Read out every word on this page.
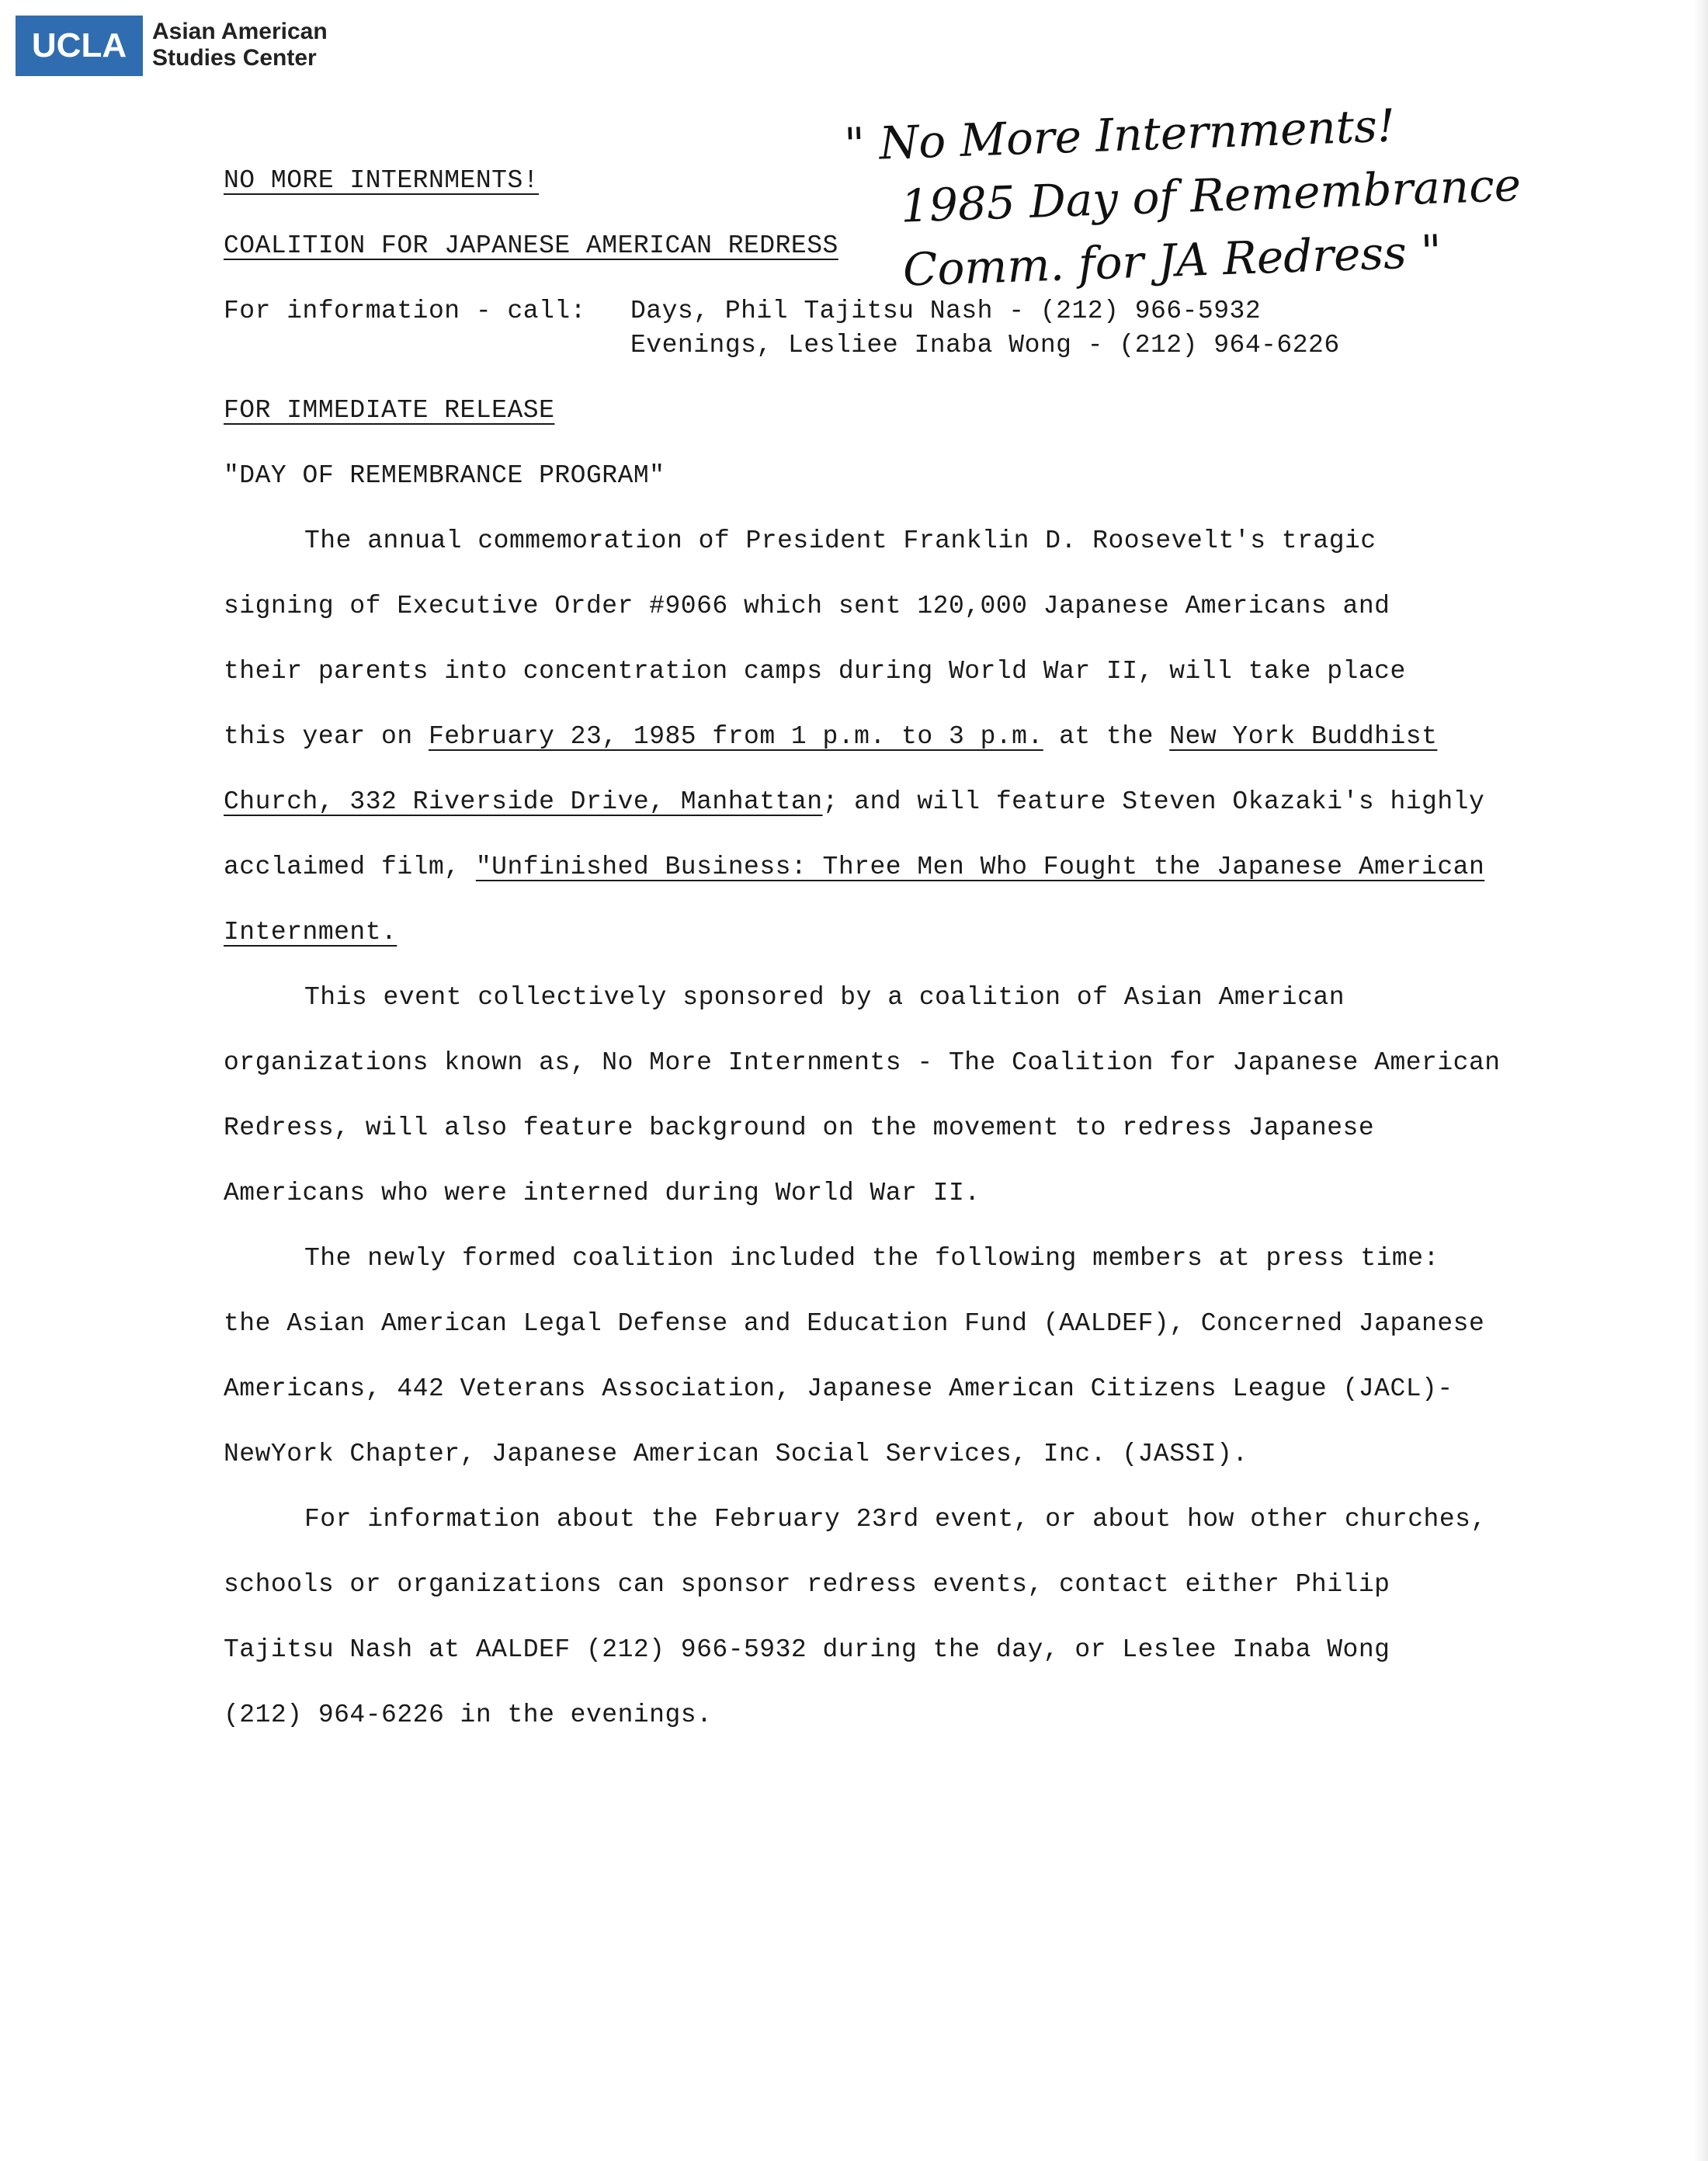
UCLA Asian American
Studies Center
" No More Internments!
1985 Day of Remembrance
Comm. for JA Redress "
NO MORE INTERNMENTS!
COALITION FOR JAPANESE AMERICAN REDRESS
For information - call: Days, Phil Tajitsu Nash - (212) 966-5932
Evenings, Lesliee Inaba Wong - (212) 964-6226
FOR IMMEDIATE RELEASE
"DAY OF REMEMBRANCE PROGRAM"
The annual commemoration of President Franklin D. Roosevelt's tragic
signing of Executive Order #9066 which sent 120,000 Japanese Americans and
their parents into concentration camps during World War II, will take place
this year on February 23, 1985 from 1 p.m. to 3 p.m. at the New York Buddhist
Church, 332 Riverside Drive, Manhattan; and will feature Steven Okazaki's highly
acclaimed film, "Unfinished Business: Three Men Who Fought the Japanese American
Internment.
This event collectively sponsored by a coalition of Asian American
organizations known as, No More Internments - The Coalition for Japanese American
Redress, will also feature background on the movement to redress Japanese
Americans who were interned during World War II.
The newly formed coalition included the following members at press time:
the Asian American Legal Defense and Education Fund (AALDEF), Concerned Japanese
Americans, 442 Veterans Association, Japanese American Citizens League (JACL)-
NewYork Chapter, Japanese American Social Services, Inc. (JASSI).
For information about the February 23rd event, or about how other churches,
schools or organizations can sponsor redress events, contact either Philip
Tajitsu Nash at AALDEF (212) 966-5932 during the day, or Leslee Inaba Wong
(212) 964-6226 in the evenings.
